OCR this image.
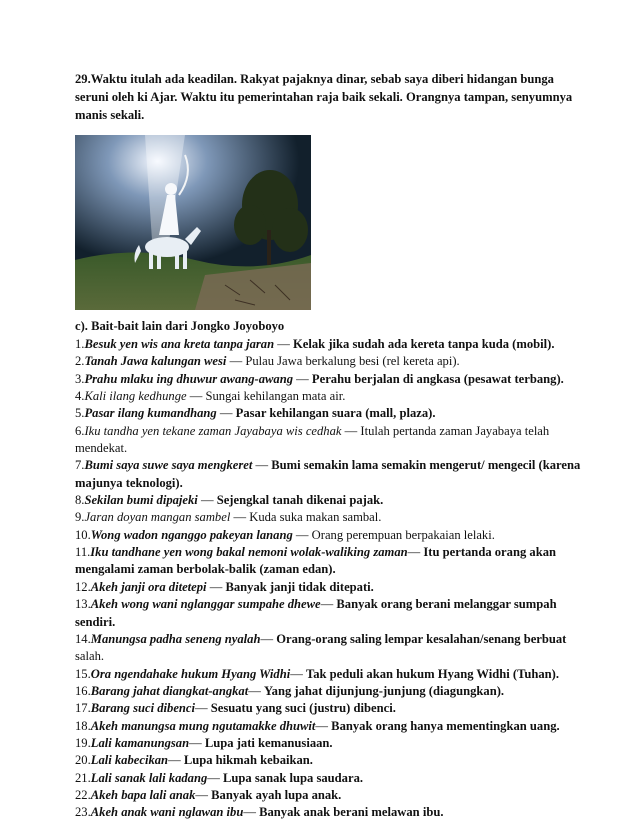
29.Waktu itulah ada keadilan. Rakyat pajaknya dinar, sebab saya diberi hidangan bunga seruni oleh ki Ajar. Waktu itu pemerintahan raja baik sekali. Orangnya tampan, senyumnya manis sekali.

c). Bait-bait lain dari Jongko Joyoboyo

1.Besuk yen wis ana kreta tanpa jaran — Kelak jika sudah ada kereta tanpa kuda (mobil).
2.Tanah Jawa kalungan wesi — Pulau Jawa berkalung besi (rel kereta api).
3.Prahu mlaku ing dhuwur awang-awang — Perahu berjalan di angkasa (pesawat terbang).
4.Kali ilang kedhunge — Sungai kehilangan mata air.
5.Pasar ilang kumandhang — Pasar kehilangan suara (mall, plaza).
6.Iku tandha yen tekane zaman Jayabaya wis cedhak — Itulah pertanda zaman Jayabaya telah mendekat.
7.Bumi saya suwe saya mengkeret — Bumi semakin lama semakin mengerut/ mengecil (karena majunya teknologi).
8.Sekilan bumi dipajeki — Sejengkal tanah dikenai pajak.
9.Jaran doyan mangan sambel — Kuda suka makan sambal.
10.Wong wadon nganggo pakeyan lanang — Orang perempuan berpakaian lelaki.
11.Iku tandhane yen wong bakal nemoni wolak-waliking zaman— Itu pertanda orang akan mengalami zaman berbolak-balik (zaman edan).
12.Akeh janji ora ditetepi — Banyak janji tidak ditepati.
13.Akeh wong wani nglanggar sumpahe dhewe— Banyak orang berani melanggar sumpah sendiri.
14.Manungsa padha seneng nyalah— Orang-orang saling lempar kesalahan/senang berbuat salah.
15.Ora ngendahake hukum Hyang Widhi— Tak peduli akan hukum Hyang Widhi (Tuhan).
16.Barang jahat diangkat-angkat— Yang jahat dijunjung-junjung (diagungkan).
17.Barang suci dibenci— Sesuatu yang suci (justru) dibenci.
18.Akeh manungsa mung ngutamakke dhuwit— Banyak orang hanya mementingkan uang.
19.Lali kamanungsan— Lupa jati kemanusiaan.
20.Lali kabecikan— Lupa hikmah kebaikan.
21.Lali sanak lali kadang— Lupa sanak lupa saudara.
22.Akeh bapa lali anak— Banyak ayah lupa anak.
23.Akeh anak wani nglawan ibu— Banyak anak berani melawan ibu.
